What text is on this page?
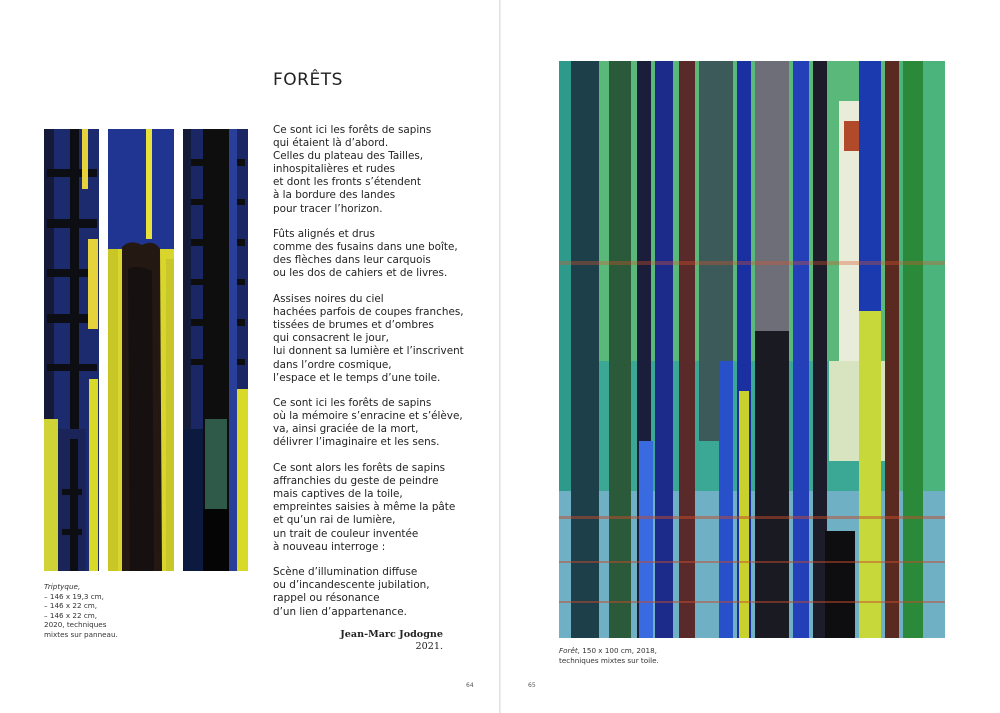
FORÊTS
Ce sont ici les forêts de sapins
qui étaient là d’abord.
Celles du plateau des Tailles,
inhospitalières et rudes
et dont les fronts s’étendent
à la bordure des landes
pour tracer l’horizon.
Fûts alignés et drus
comme des fusains dans une boîte,
des flèches dans leur carquois
ou les dos de cahiers et de livres.
Assises noires du ciel
hachées parfois de coupes franches,
tissées de brumes et d’ombres
qui consacrent le jour,
lui donnent sa lumière et l’inscrivent
dans l’ordre cosmique,
l’espace et le temps d’une toile.
Ce sont ici les forêts de sapins
où la mémoire s’enracine et s’élève,
va, ainsi graciée de la mort,
délivrer l’imaginaire et les sens.
Ce sont alors les forêts de sapins
affranchies du geste de peindre
mais captives de la toile,
empreintes saisies à même la pâte
et qu’un rai de lumière,
un trait de couleur inventée
à nouveau interroge :
Scène d’illumination diffuse
ou d’incandescente jubilation,
rappel ou résonance
d’un lien d’appartenance.
Jean-Marc Jodogne
2021.
Triptyque,
– 146 x 19,3 cm,
– 146 x 22 cm,
– 146 x 22 cm,
2020, techniques
mixtes sur panneau.
64	65
Forêt, 150 x 100 cm, 2018,
techniques mixtes sur toile.
